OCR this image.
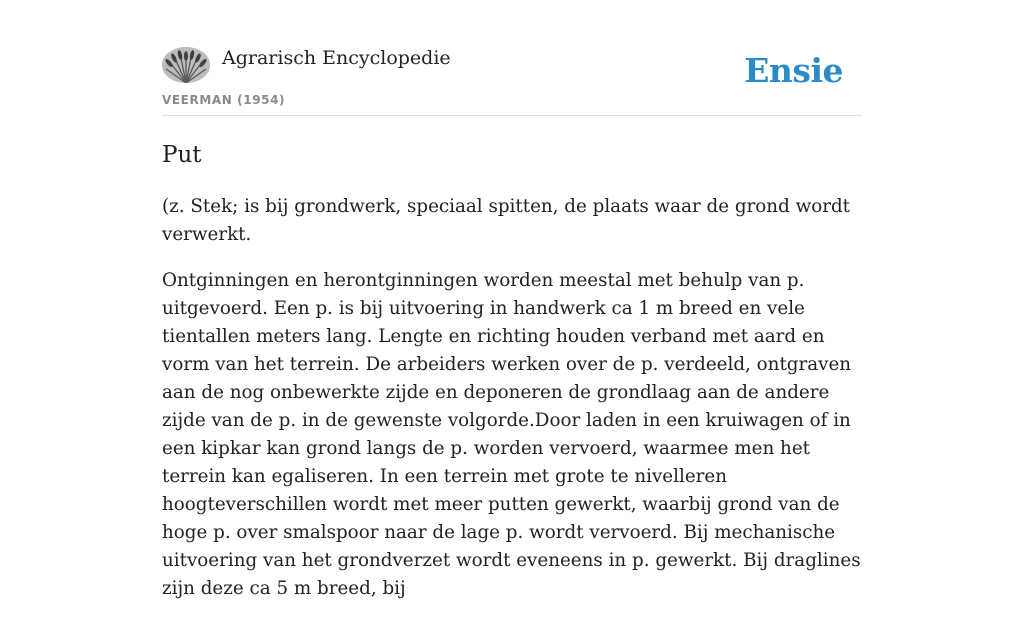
Agrarisch Encyclopedie
VEERMAN (1954)
Ensie
Put

(z. Stek; is bij grondwerk, speciaal spitten, de plaats waar de grond wordt verwerkt.

Ontginningen en herontginningen worden meestal met behulp van p. uitgevoerd. Een p. is bij uitvoering in handwerk ca 1 m breed en vele tientallen meters lang. Lengte en richting houden verband met aard en vorm van het terrein. De arbeiders werken over de p. verdeeld, ontgraven aan de nog onbewerkte zijde en deponeren de grondlaag aan de andere zijde van de p. in de gewenste volgorde.Door laden in een kruiwagen of in een kipkar kan grond langs de p. worden vervoerd, waarmee men het terrein kan egaliseren. In een terrein met grote te nivelleren hoogteverschillen wordt met meer putten gewerkt, waarbij grond van de hoge p. over smalspoor naar de lage p. wordt vervoerd. Bij mechanische uitvoering van het grondverzet wordt eveneens in p. gewerkt. Bij draglines zijn deze ca 5 m breed, bij
